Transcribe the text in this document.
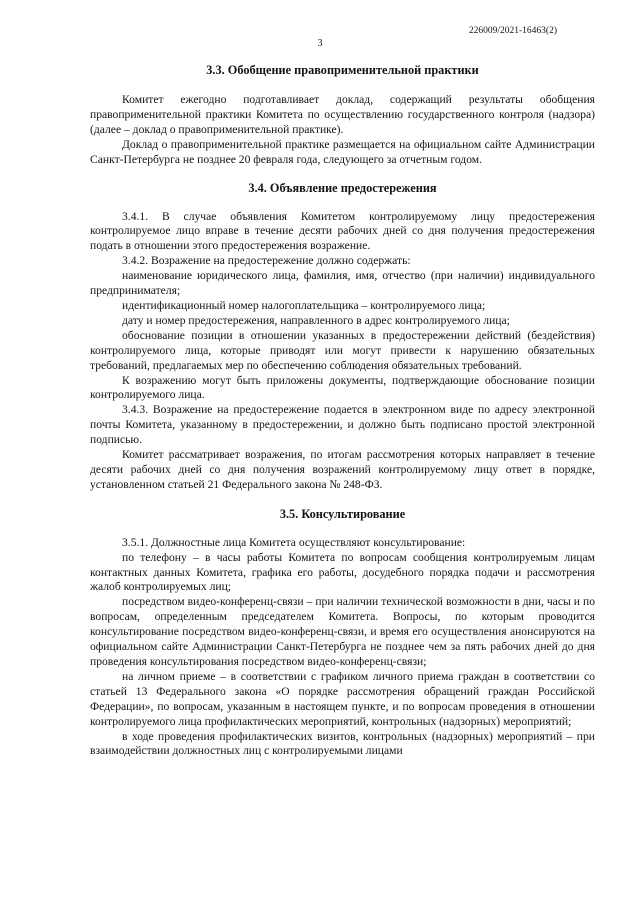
226009/2021-16463(2)
3
3.3. Обобщение правоприменительной практики

Комитет ежегодно подготавливает доклад, содержащий результаты обобщения правоприменительной практики Комитета по осуществлению государственного контроля (надзора) (далее – доклад о правоприменительной практике).

Доклад о правоприменительной практике размещается на официальном сайте Администрации Санкт-Петербурга не позднее 20 февраля года, следующего за отчетным годом.

3.4. Объявление предостережения

3.4.1. В случае объявления Комитетом контролируемому лицу предостережения контролируемое лицо вправе в течение десяти рабочих дней со дня получения предостережения подать в отношении этого предостережения возражение.

3.4.2. Возражение на предостережение должно содержать:

наименование юридического лица, фамилия, имя, отчество (при наличии) индивидуального предпринимателя;

идентификационный номер налогоплательщика – контролируемого лица;

дату и номер предостережения, направленного в адрес контролируемого лица;

обоснование позиции в отношении указанных в предостережении действий (бездействия) контролируемого лица, которые приводят или могут привести к нарушению обязательных требований, предлагаемых мер по обеспечению соблюдения обязательных требований.

К возражению могут быть приложены документы, подтверждающие обоснование позиции контролируемого лица.

3.4.3. Возражение на предостережение подается в электронном виде по адресу электронной почты Комитета, указанному в предостережении, и должно быть подписано простой электронной подписью.

Комитет рассматривает возражения, по итогам рассмотрения которых направляет в течение десяти рабочих дней со дня получения возражений контролируемому лицу ответ в порядке, установленном статьей 21 Федерального закона № 248-ФЗ.

3.5. Консультирование

3.5.1. Должностные лица Комитета осуществляют консультирование:

по телефону – в часы работы Комитета по вопросам сообщения контролируемым лицам контактных данных Комитета, графика его работы, досудебного порядка подачи и рассмотрения жалоб контролируемых лиц;

посредством видео-конференц-связи – при наличии технической возможности в дни, часы и по вопросам, определенным председателем Комитета. Вопросы, по которым проводится консультирование посредством видео-конференц-связи, и время его осуществления анонсируются на официальном сайте Администрации Санкт-Петербурга не позднее чем за пять рабочих дней до дня проведения консультирования посредством видео-конференц-связи;

на личном приеме – в соответствии с графиком личного приема граждан в соответствии со статьей 13 Федерального закона «О порядке рассмотрения обращений граждан Российской Федерации», по вопросам, указанным в настоящем пункте, и по вопросам проведения в отношении контролируемого лица профилактических мероприятий, контрольных (надзорных) мероприятий;

в ходе проведения профилактических визитов, контрольных (надзорных) мероприятий – при взаимодействии должностных лиц с контролируемыми лицами
